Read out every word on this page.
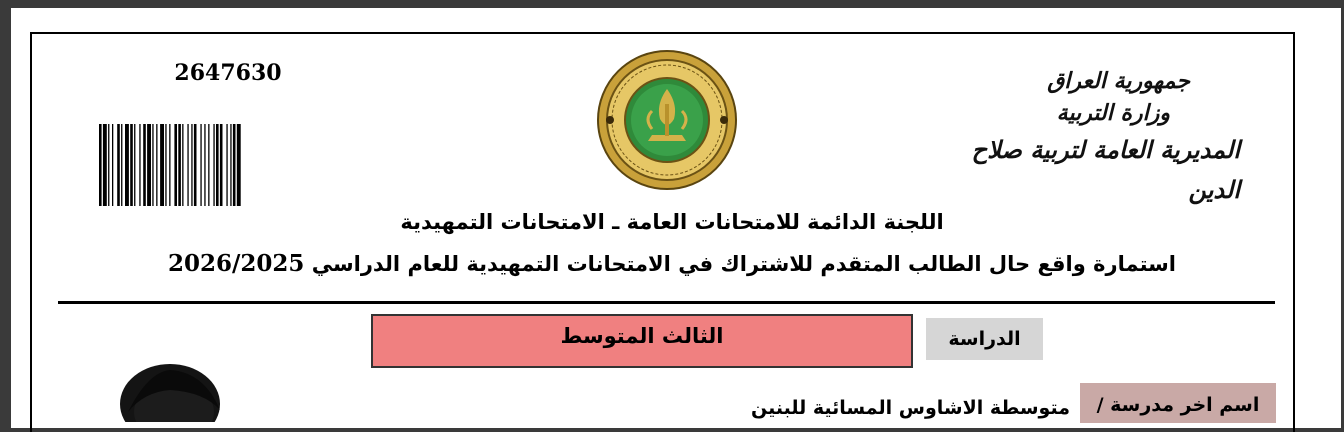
2647630	جمهورية العراق
وزارة التربية
المديرية العامة لتربية صلاح الدين
اللجنة الدائمة للامتحانات العامة ـ الامتحانات التمهيدية
استمارة واقع حال الطالب المتقدم للاشتراك في الامتحانات التمهيدية للعام الدراسي 2026/2025
الدراسة
الثالث المتوسط
اسم اخر مدرسة /
متوسطة الاشاوس المسائية للبنين
